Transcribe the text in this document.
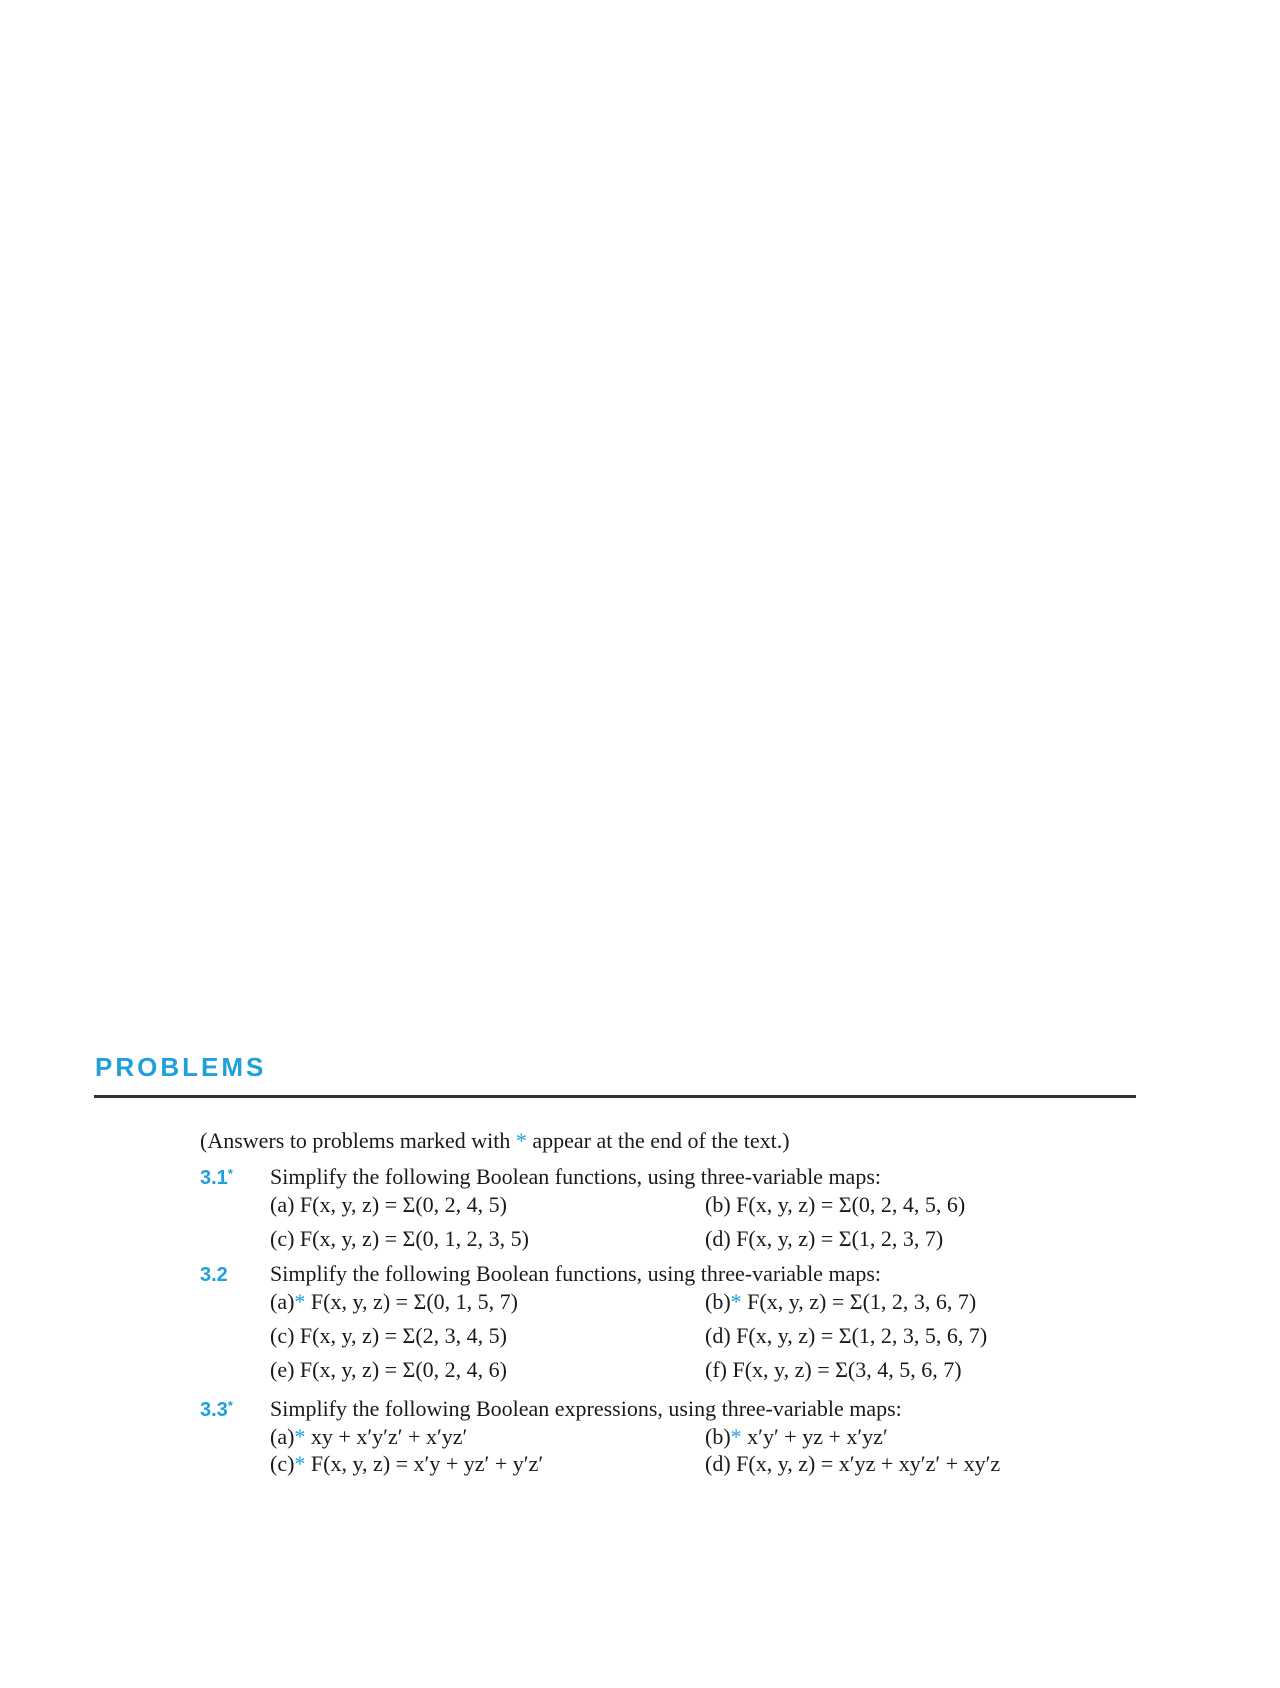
PROBLEMS
(Answers to problems marked with * appear at the end of the text.)
3.1* Simplify the following Boolean functions, using three-variable maps:
(a) F(x, y, z) = Σ(0, 2, 4, 5)	(b) F(x, y, z) = Σ(0, 2, 4, 5, 6)
(c) F(x, y, z) = Σ(0, 1, 2, 3, 5)	(d) F(x, y, z) = Σ(1, 2, 3, 7)
3.2 Simplify the following Boolean functions, using three-variable maps:
(a)* F(x, y, z) = Σ(0, 1, 5, 7)	(b)* F(x, y, z) = Σ(1, 2, 3, 6, 7)
(c) F(x, y, z) = Σ(2, 3, 4, 5)	(d) F(x, y, z) = Σ(1, 2, 3, 5, 6, 7)
(e) F(x, y, z) = Σ(0, 2, 4, 6)	(f) F(x, y, z) = Σ(3, 4, 5, 6, 7)
3.3* Simplify the following Boolean expressions, using three-variable maps:
(a)* xy + x′y′z′ + x′yz′	(b)* x′y′ + yz + x′yz′
(c)* F(x, y, z) = x′y + yz′ + y′z′	(d) F(x, y, z) = x′yz + xy′z′ + xy′z
